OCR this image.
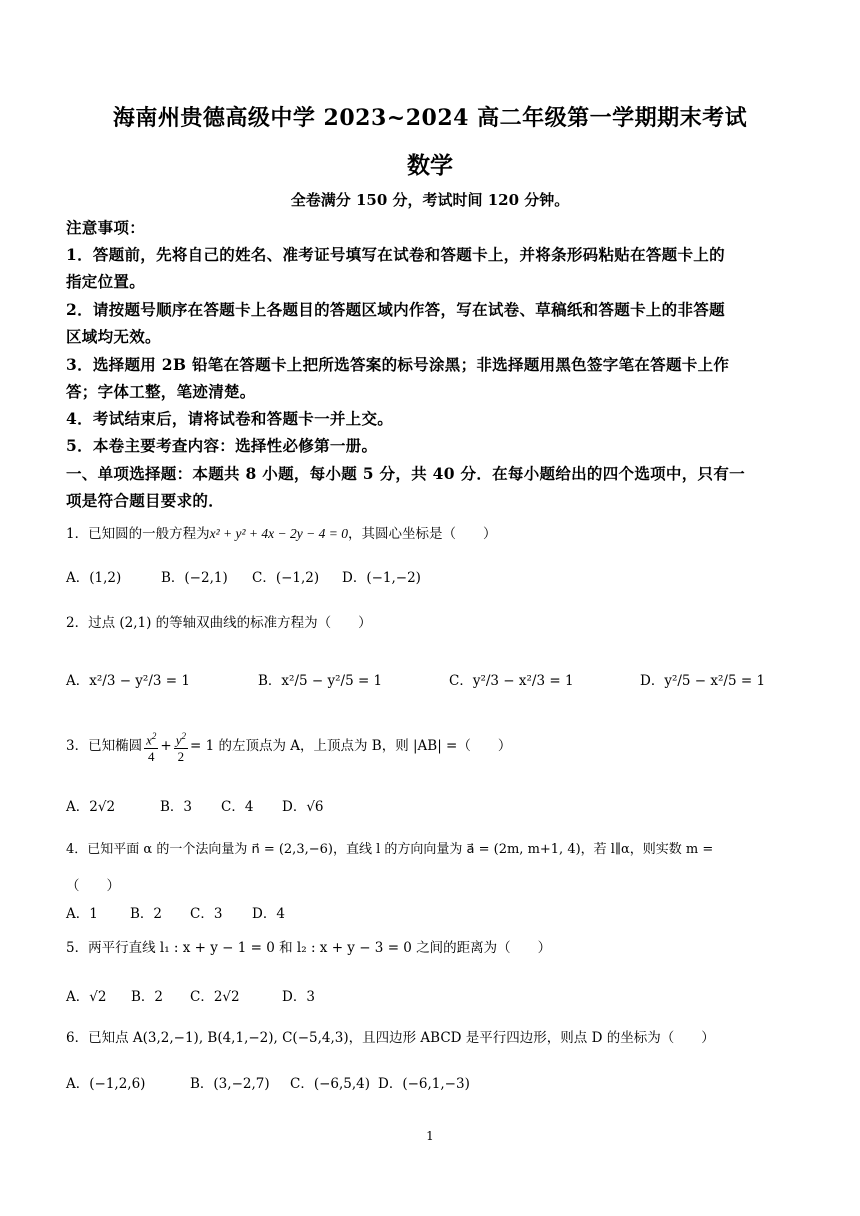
海南州贵德高级中学 2023~2024 高二年级第一学期期末考试
数学
全卷满分 150 分，考试时间 120 分钟。
注意事项：
1．答题前，先将自己的姓名、准考证号填写在试卷和答题卡上，并将条形码粘贴在答题卡上的
指定位置。
2．请按题号顺序在答题卡上各题目的答题区域内作答，写在试卷、草稿纸和答题卡上的非答题
区域均无效。
3．选择题用 2B 铅笔在答题卡上把所选答案的标号涂黑；非选择题用黑色签字笔在答题卡上作
答；字体工整，笔迹清楚。
4．考试结束后，请将试卷和答题卡一并上交。
5．本卷主要考查内容：选择性必修第一册。
一、单项选择题：本题共 8 小题，每小题 5 分，共 40 分．在每小题给出的四个选项中，只有一
项是符合题目要求的．
1．已知圆的一般方程为x² + y² + 4x − 2y − 4 = 0，其圆心坐标是（　　）
A．(1,2)	B．(−2,1) C．(−1,2) D．(−1,−2)
2．过点 (2,1) 的等轴双曲线的标准方程为（　　）
A．x²/3 − y²/3 = 1	B．x²/5 − y²/5 = 1	C．y²/3 − x²/3 = 1	D．y²/5 − x²/5 = 1
3．已知椭圆 $\frac{x^2}{4} + \frac{y^2}{2} = 1$ 的左顶点为 A，上顶点为 B，则 |AB| =（　　）
A．2√2	B．3 C．4 D．√6
4．已知平面 α 的一个法向量为 n⃗ = (2,3,−6)，直线 l 的方向向量为 a⃗ = (2m, m+1, 4)，若 l∥α，则实数 m =
（　　）
A．1 B．2 C．3 D．4
5．两平行直线 l₁ : x + y − 1 = 0 和 l₂ : x + y − 3 = 0 之间的距离为（　　）
A．√2 B．2 C．2√2	D．3
6．已知点 A(3,2,−1), B(4,1,−2), C(−5,4,3)，且四边形 ABCD 是平行四边形，则点 D 的坐标为（　　）
A．(−1,2,6)	B．(3,−2,7) C．(−6,5,4) D．(−6,1,−3)
1
